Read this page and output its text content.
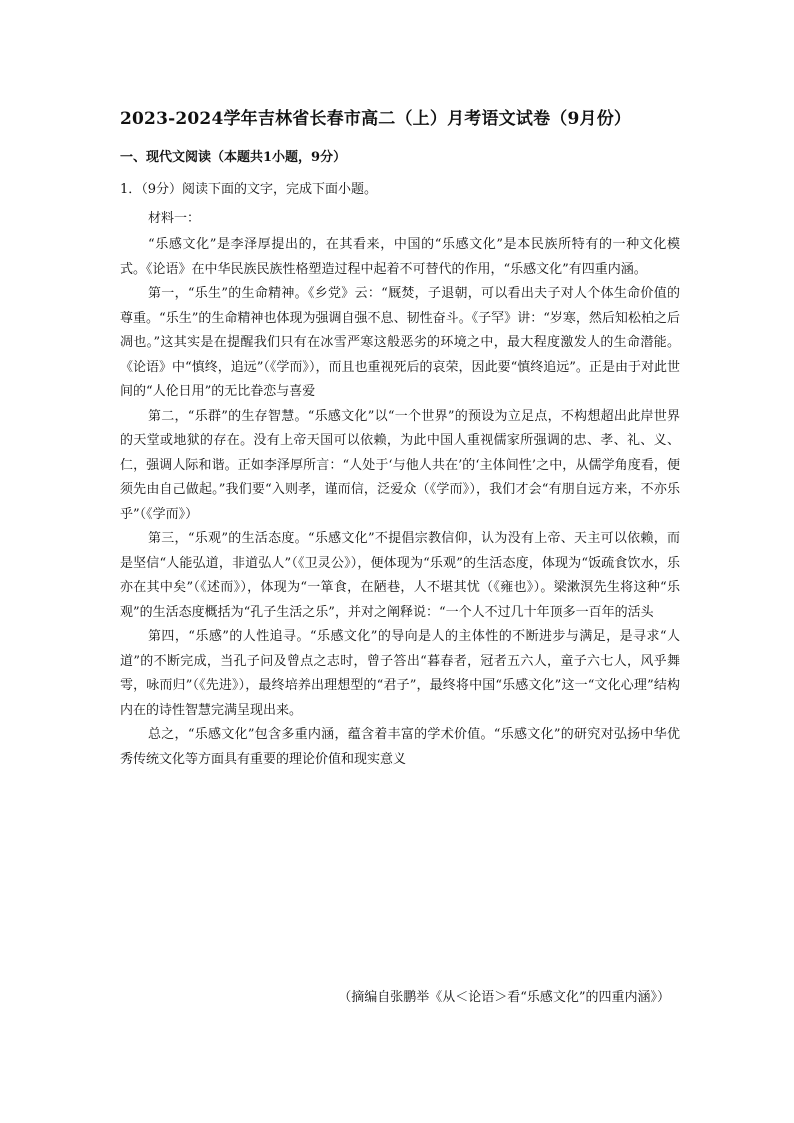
2023-2024学年吉林省长春市高二（上）月考语文试卷（9月份）
一、现代文阅读（本题共1小题，9分）
1．（9分）阅读下面的文字，完成下面小题。
材料一：

“乐感文化”是李泽厚提出的，在其看来，中国的“乐感文化”是本民族所特有的一种文化模式。《论语》在中华民族民族性格塑造过程中起着不可替代的作用，“乐感文化”有四重内涵。

第一，“乐生”的生命精神。《乡党》云：“厩焚，子退朝，可以看出夫子对人个体生命价值的尊重。“乐生”的生命精神也体现为强调自强不息、韧性奋斗。《子罕》讲：“岁寒，然后知松柏之后凋也。”这其实是在提醒我们只有在冰雪严寒这般恶劣的环境之中，最大程度激发人的生命潜能。《论语》中“慎终，追远”（《学而》），而且也重视死后的哀荣，因此要“慎终追远”。正是由于对此世间的“人伦日用”的无比眷恋与喜爱

第二，“乐群”的生存智慧。“乐感文化”以“一个世界”的预设为立足点，不构想超出此岸世界的天堂或地狱的存在。没有上帝天国可以依赖，为此中国人重视儒家所强调的忠、孝、礼、义、仁，强调人际和谐。正如李泽厚所言：“人处于‘与他人共在’的‘主体间性’之中，从儒学角度看，便须先由自己做起。”我们要“入则孝，谨而信，泛爱众（《学而》），我们才会“有朋自远方来，不亦乐乎”（《学而》）

第三，“乐观”的生活态度。“乐感文化”不提倡宗教信仰，认为没有上帝、天主可以依赖，而是坚信“人能弘道，非道弘人”（《卫灵公》），便体现为“乐观”的生活态度，体现为“饭疏食饮水，乐亦在其中矣”（《述而》），体现为“一箪食，在陋巷，人不堪其忧（《雍也》）。梁漱溟先生将这种“乐观”的生活态度概括为“孔子生活之乐”，并对之阐释说：“一个人不过几十年顶多一百年的活头

第四，“乐感”的人性追寻。“乐感文化”的导向是人的主体性的不断进步与满足，是寻求“人道”的不断完成，当孔子问及曾点之志时，曾子答出“暮春者，冠者五六人，童子六七人，风乎舞雩，咏而归”（《先进》），最终培养出理想型的“君子”，最终将中国“乐感文化”这一“文化心理”结构内在的诗性智慧完满呈现出来。

总之，“乐感文化”包含多重内涵，蕴含着丰富的学术价值。“乐感文化”的研究对弘扬中华优秀传统文化等方面具有重要的理论价值和现实意义

（摘编自张鹏举《从＜论语＞看“乐感文化”的四重内涵》）
